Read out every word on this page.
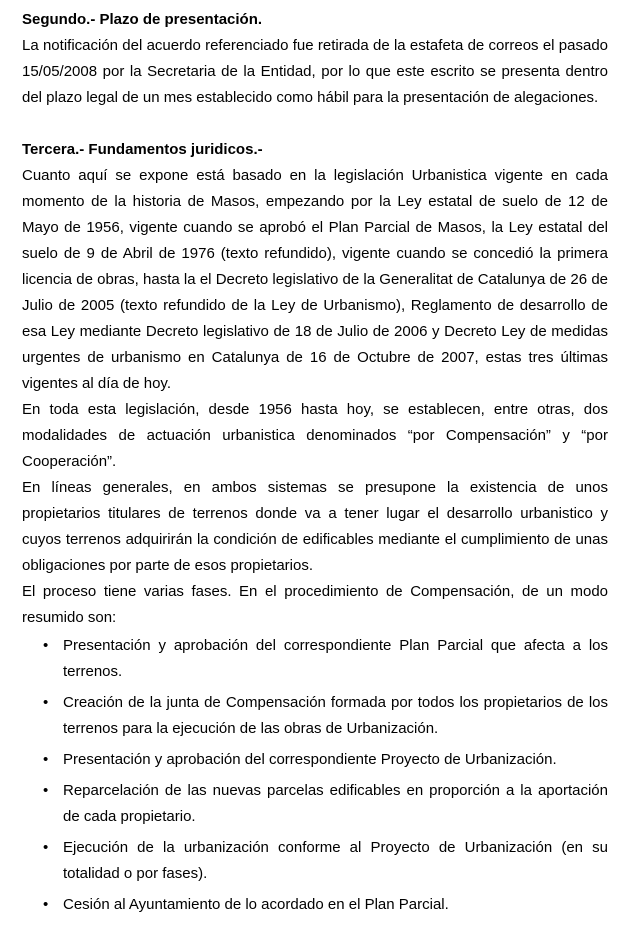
Segundo.- Plazo de presentación.

La notificación del acuerdo referenciado fue retirada de la estafeta de correos el pasado 15/05/2008 por la Secretaria de la Entidad, por lo que este escrito se presenta dentro del plazo legal de un mes establecido como hábil para la presentación de alegaciones.

Tercera.- Fundamentos juridicos.-

Cuanto aquí se expone está basado en la legislación Urbanistica vigente en cada momento de la historia de Masos, empezando por la Ley estatal de suelo de 12 de Mayo de 1956, vigente cuando se aprobó el Plan Parcial de Masos, la Ley estatal del suelo de 9 de Abril de 1976 (texto refundido), vigente cuando se concedió la primera licencia de obras, hasta la el Decreto legislativo de la Generalitat de Catalunya de 26 de Julio de 2005 (texto refundido de la Ley de Urbanismo), Reglamento de desarrollo de esa Ley mediante Decreto legislativo de 18 de Julio de 2006 y Decreto Ley de medidas urgentes de urbanismo en Catalunya de 16 de Octubre de 2007, estas tres últimas vigentes al día de hoy.

En toda esta legislación, desde 1956 hasta hoy, se establecen, entre otras, dos modalidades de actuación urbanistica denominados “por Compensación” y “por Cooperación”.

En líneas generales, en ambos sistemas se presupone la existencia de unos propietarios titulares de terrenos donde va a tener lugar el desarrollo urbanistico y cuyos terrenos adquirirán la condición de edificables mediante el cumplimiento de unas obligaciones por parte de esos propietarios.

El proceso tiene varias fases. En el procedimiento de Compensación, de un modo resumido son:

• Presentación y aprobación del correspondiente Plan Parcial que afecta a los terrenos.
• Creación de la junta de Compensación formada por todos los propietarios de los terrenos para la ejecución de las obras de Urbanización.
• Presentación y aprobación del correspondiente Proyecto de Urbanización.
• Reparcelación de las nuevas parcelas edificables en proporción a la aportación de cada propietario.
• Ejecución de la urbanización conforme al Proyecto de Urbanización (en su totalidad o por fases).
• Cesión al Ayuntamiento de lo acordado en el Plan Parcial.
